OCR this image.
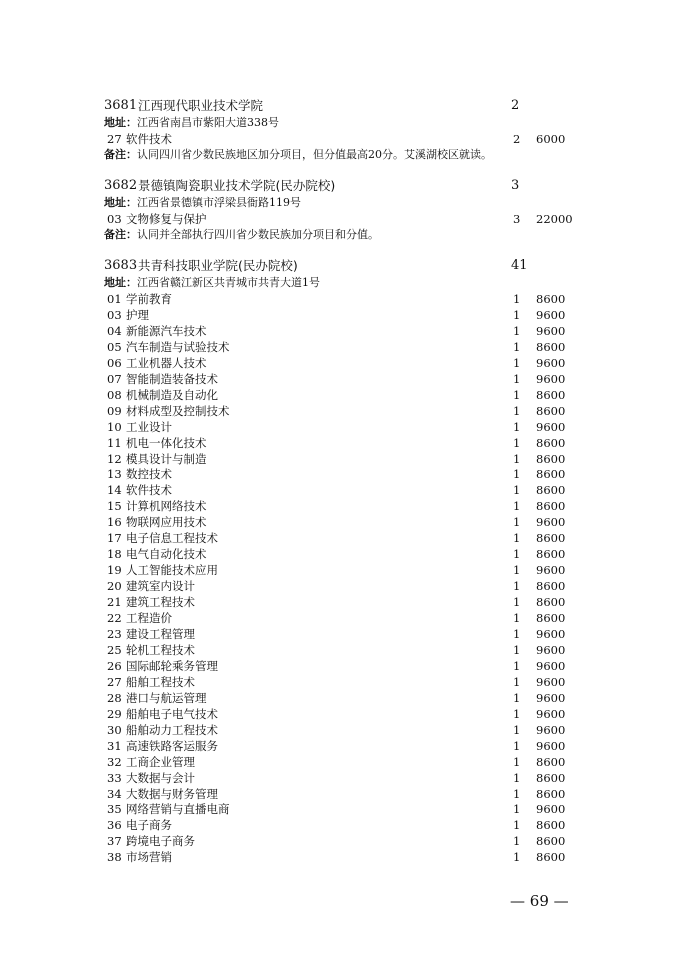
3681 江西现代职业技术学院	2
地址： 江西省南昌市紫阳大道338号
27 软件技术	2 6000
备注： 认同四川省少数民族地区加分项目，但分值最高20分。艾溪湖校区就读。
3682 景德镇陶瓷职业技术学院(民办院校)	3
地址： 江西省景德镇市浮梁县衙路119号
03 文物修复与保护	3 22000
备注： 认同并全部执行四川省少数民族加分项目和分值。
3683 共青科技职业学院(民办院校)	41
地址： 江西省赣江新区共青城市共青大道1号
01 学前教育	1 8600
03 护理	1 9600
04 新能源汽车技术	1 9600
05 汽车制造与试验技术	1 8600
06 工业机器人技术	1 9600
07 智能制造装备技术	1 9600
08 机械制造及自动化	1 8600
09 材料成型及控制技术	1 8600
10 工业设计	1 9600
11 机电一体化技术	1 8600
12 模具设计与制造	1 8600
13 数控技术	1 8600
14 软件技术	1 8600
15 计算机网络技术	1 8600
16 物联网应用技术	1 9600
17 电子信息工程技术	1 8600
18 电气自动化技术	1 8600
19 人工智能技术应用	1 9600
20 建筑室内设计	1 8600
21 建筑工程技术	1 8600
22 工程造价	1 8600
23 建设工程管理	1 9600
25 轮机工程技术	1 9600
26 国际邮轮乘务管理	1 9600
27 船舶工程技术	1 9600
28 港口与航运管理	1 9600
29 船舶电子电气技术	1 9600
30 船舶动力工程技术	1 9600
31 高速铁路客运服务	1 9600
32 工商企业管理	1 8600
33 大数据与会计	1 8600
34 大数据与财务管理	1 8600
35 网络营销与直播电商	1 9600
36 电子商务	1 8600
37 跨境电子商务	1 8600
38 市场营销	1 8600
— 69 —
